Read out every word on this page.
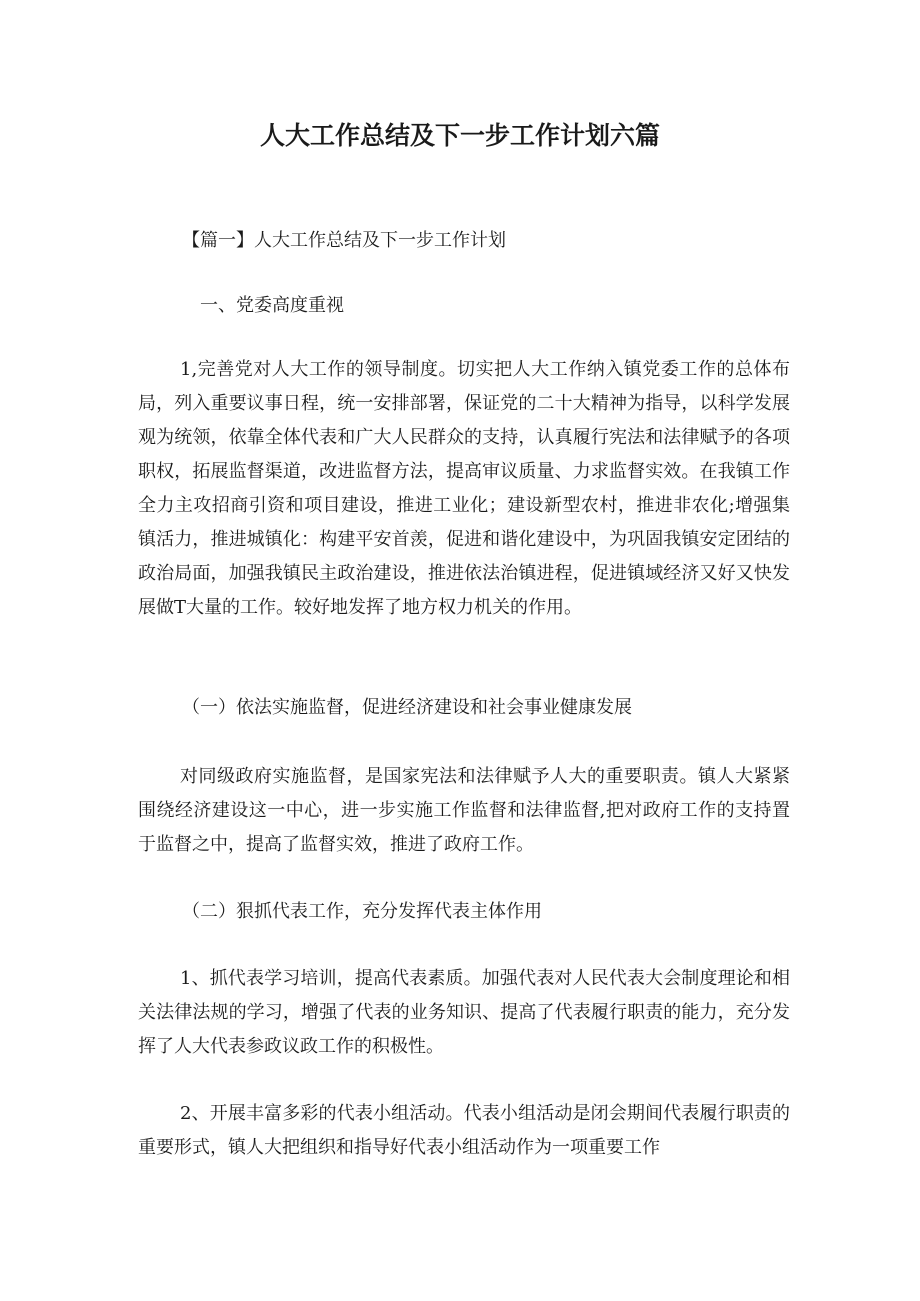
人大工作总结及下一步工作计划六篇
【篇一】人大工作总结及下一步工作计划
一、党委高度重视

1,完善党对人大工作的领导制度。切实把人大工作纳入镇党委工作的总体布局，列入重要议事日程，统一安排部署，保证党的二十大精神为指导，以科学发展观为统领，依靠全体代表和广大人民群众的支持，认真履行宪法和法律赋予的各项职权，拓展监督渠道，改进监督方法，提高审议质量、力求监督实效。在我镇工作全力主攻招商引资和项目建设，推进工业化；建设新型农村，推进非农化;增强集镇活力，推进城镇化：构建平安首羡，促进和谐化建设中，为巩固我镇安定团结的政治局面，加强我镇民主政治建设，推进依法治镇进程，促进镇域经济又好又快发展做T大量的工作。较好地发挥了地方权力机关的作用。

（一）依法实施监督，促进经济建设和社会事业健康发展

对同级政府实施监督，是国家宪法和法律赋予人大的重要职责。镇人大紧紧围绕经济建设这一中心，进一步实施工作监督和法律监督,把对政府工作的支持置于监督之中，提高了监督实效，推进了政府工作。

（二）狠抓代表工作，充分发挥代表主体作用

1、抓代表学习培训，提高代表素质。加强代表对人民代表大会制度理论和相关法律法规的学习，增强了代表的业务知识、提高了代表履行职责的能力，充分发挥了人大代表参政议政工作的积极性。

2、开展丰富多彩的代表小组活动。代表小组活动是闭会期间代表履行职责的重要形式，镇人大把组织和指导好代表小组活动作为一项重要工作
